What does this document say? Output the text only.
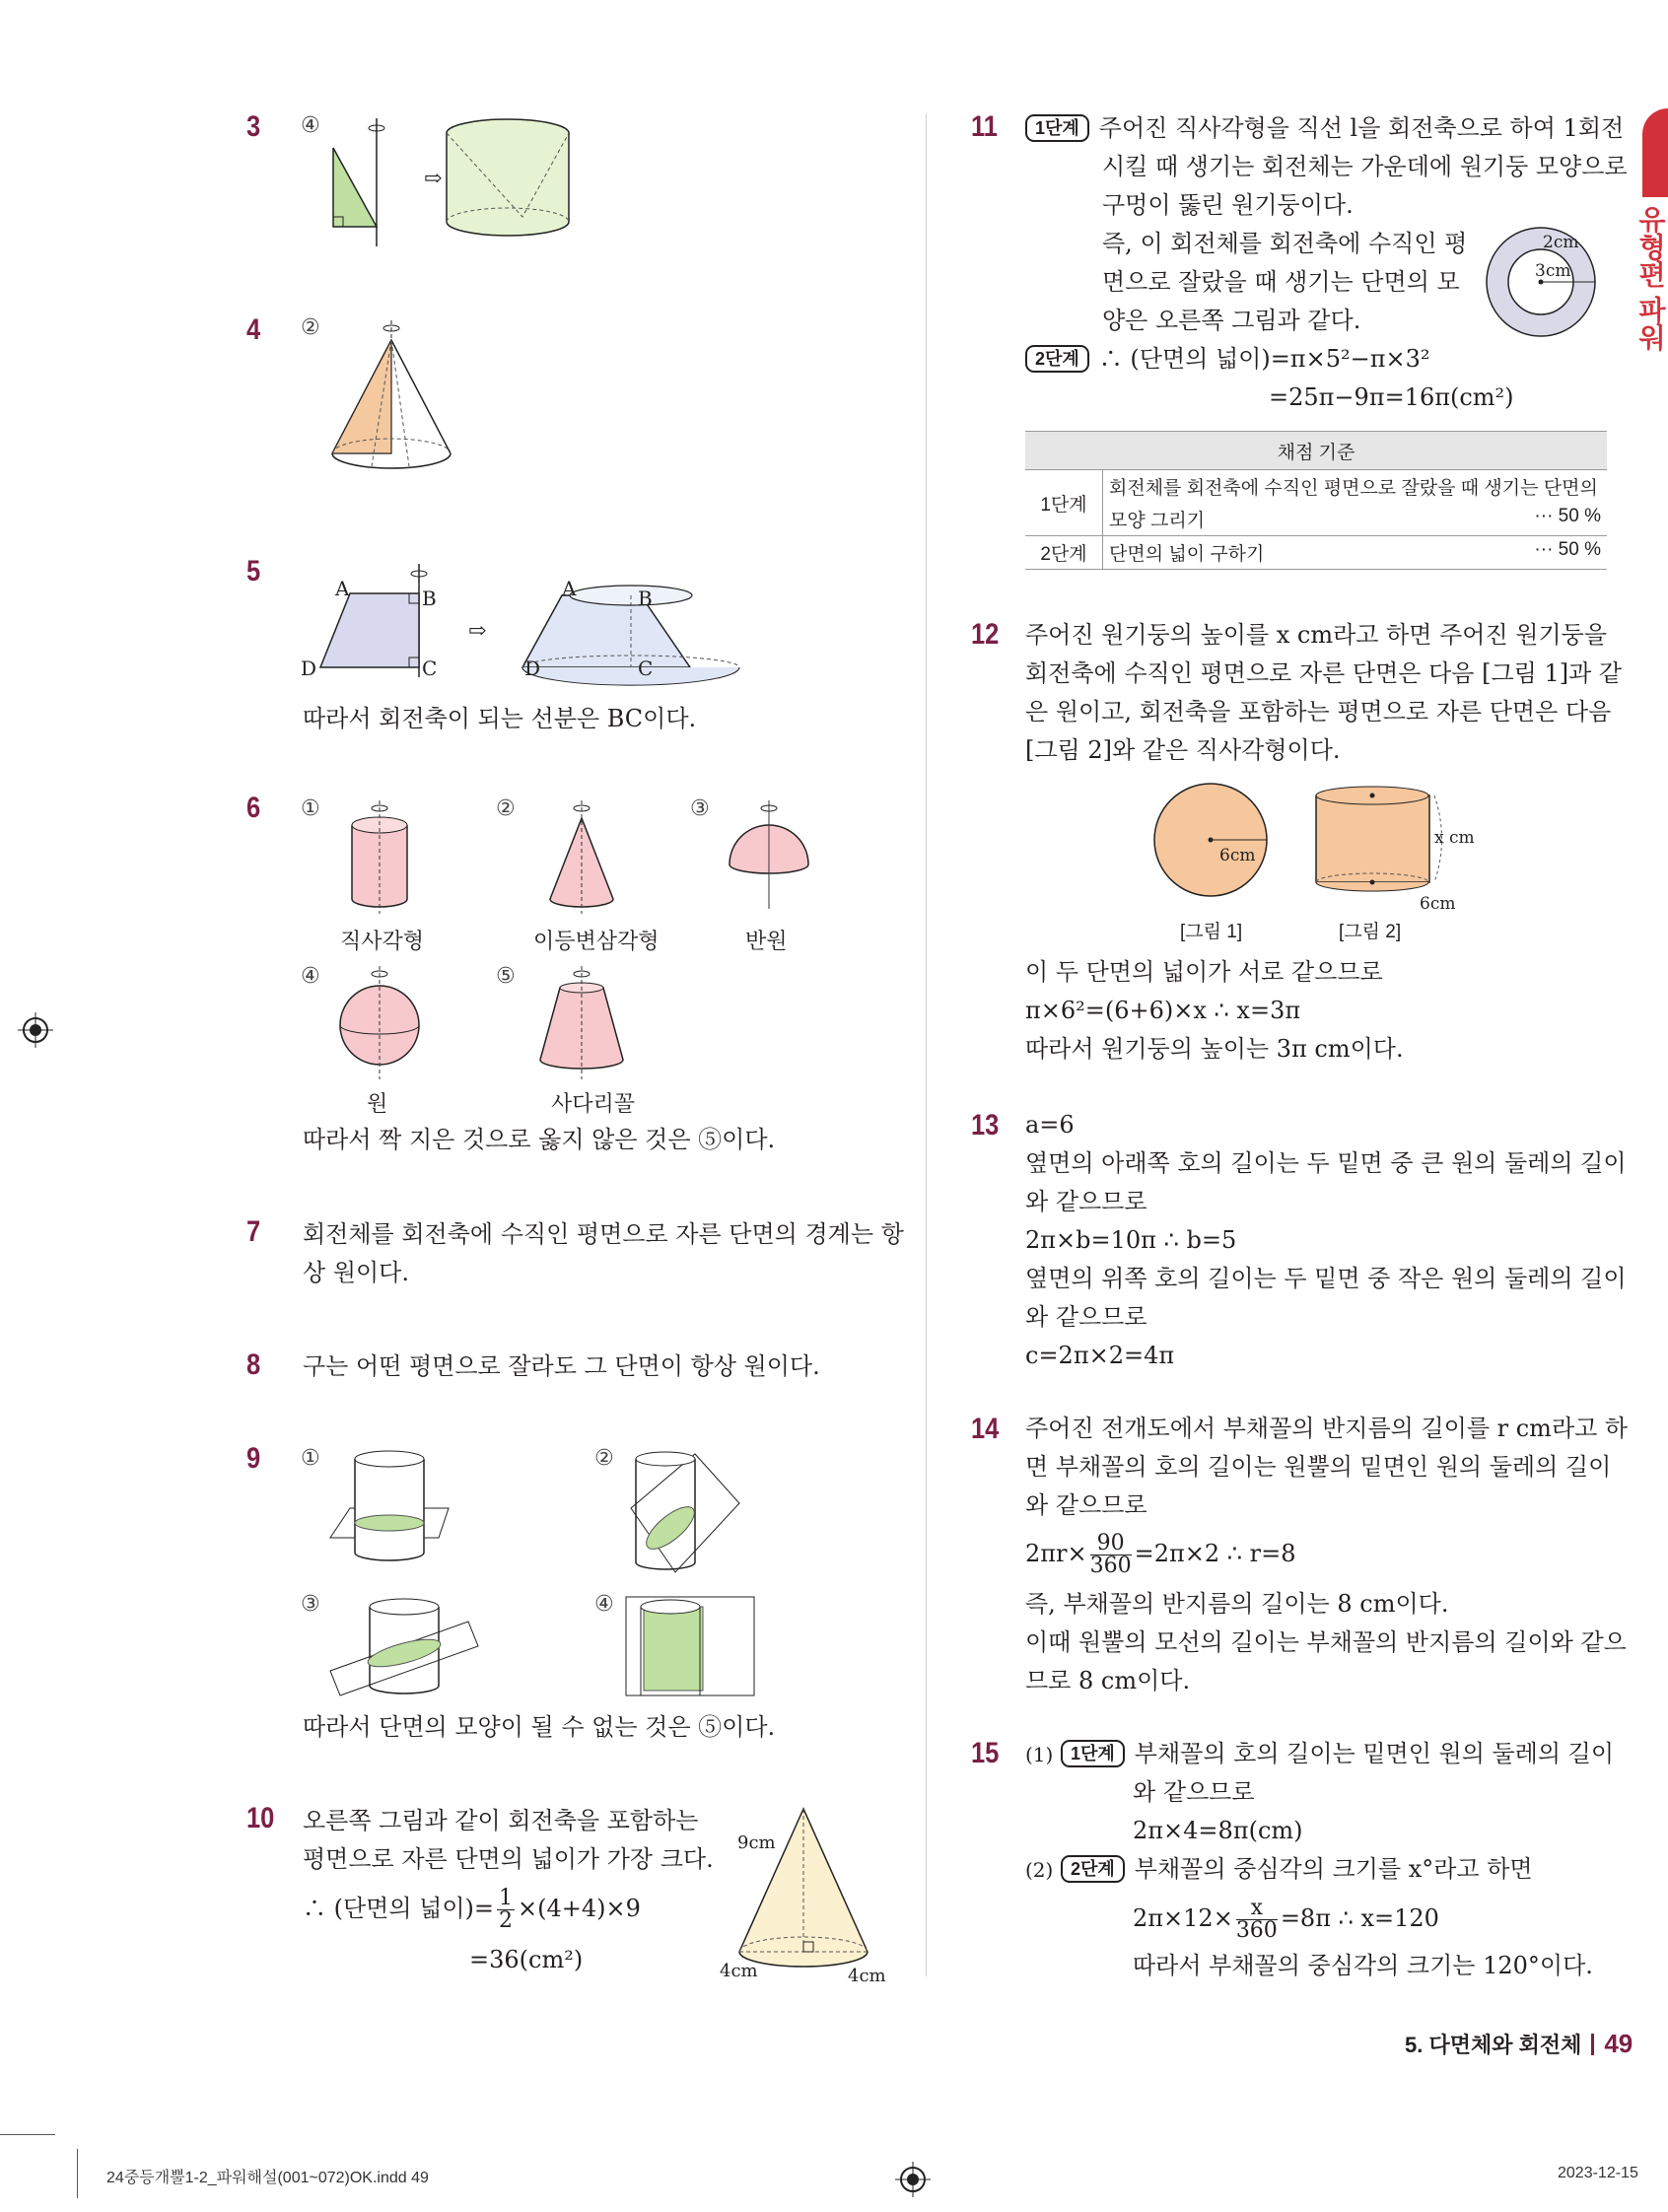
유형편 파워
3 ④
⇨
4 ②
5
A	B
D	C
⇨
A	B
D	C
따라서 회전축이 되는 선분은 BC이다.
6 ①	②	③
직사각형	이등변삼각형	반원
④	⑤
원	사다리꼴
따라서 짝 지은 것으로 옳지 않은 것은 ⑤이다.
7 회전체를 회전축에 수직인 평면으로 자른 단면의 경계는 항
상 원이다.
8 구는 어떤 평면으로 잘라도 그 단면이 항상 원이다.
9 ①	②
③	④
따라서 단면의 모양이 될 수 없는 것은 ⑤이다.
10 오른쪽 그림과 같이 회전축을 포함하는
평면으로 자른 단면의 넓이가 가장 크다.
∴ (단면의 넓이)= $\frac{1}{2} \times(4+4)\times 9$
=36(cm²)
9cm
4cm	4cm
11	1단계 주어진 직사각형을 직선 l을 회전축으로 하여 1회전
시킬 때 생기는 회전체는 가운데에 원기둥 모양으로
구멍이 뚫린 원기둥이다.
즉, 이 회전체를 회전축에 수직인 평
면으로 잘랐을 때 생기는 단면의 모
양은 오른쪽 그림과 같다.
2cm
3cm
2단계 ∴ (단면의 넓이)=π×5²−π×3²
=25π−9π=16π(cm²)
채점 기준	
1단계	회전체를 회전축에 수직인 평면으로 잘랐을 때 생기는 단면의
	모양 그리기 ··· 50 %

2단계	단면의 넓이 구하기 ··· 50 %
12 주어진 원기둥의 높이를 x cm라고 하면 주어진 원기둥을
회전축에 수직인 평면으로 자른 단면은 다음 [그림 1]과 같
은 원이고, 회전축을 포함하는 평면으로 자른 단면은 다음
[그림 2]와 같은 직사각형이다.
6cm
x cm
6cm
[그림 1]	[그림 2]
이 두 단면의 넓이가 서로 같으므로
π×6²=(6+6)×x ∴ x=3π
따라서 원기둥의 높이는 3π cm이다.
13 a=6
옆면의 아래쪽 호의 길이는 두 밑면 중 큰 원의 둘레의 길이
와 같으므로
2π×b=10π ∴ b=5
옆면의 위쪽 호의 길이는 두 밑면 중 작은 원의 둘레의 길이
와 같으므로
c=2π×2=4π
14 주어진 전개도에서 부채꼴의 반지름의 길이를 r cm라고 하
면 부채꼴의 호의 길이는 원뿔의 밑면인 원의 둘레의 길이
와 같으므로
$2\pi r\times \frac{90}{360} =2\pi\times 2$ ∴ r=8
즉, 부채꼴의 반지름의 길이는 8 cm이다.
이때 원뿔의 모선의 길이는 부채꼴의 반지름의 길이와 같으
므로 8 cm이다.
15 (1) 1단계 부채꼴의 호의 길이는 밑면인 원의 둘레의 길이
와 같으므로
2π×4=8π(cm)
(2) 2단계 부채꼴의 중심각의 크기를 x°라고 하면
$2\pi\times 12\times \frac{x}{360} =8\pi$ ∴ x=120
따라서 부채꼴의 중심각의 크기는 120°이다.
5. 다면체와 회전체 49
24중등개뿔1-2_파워해설(001~072)OK.indd 49	2023-12-15
